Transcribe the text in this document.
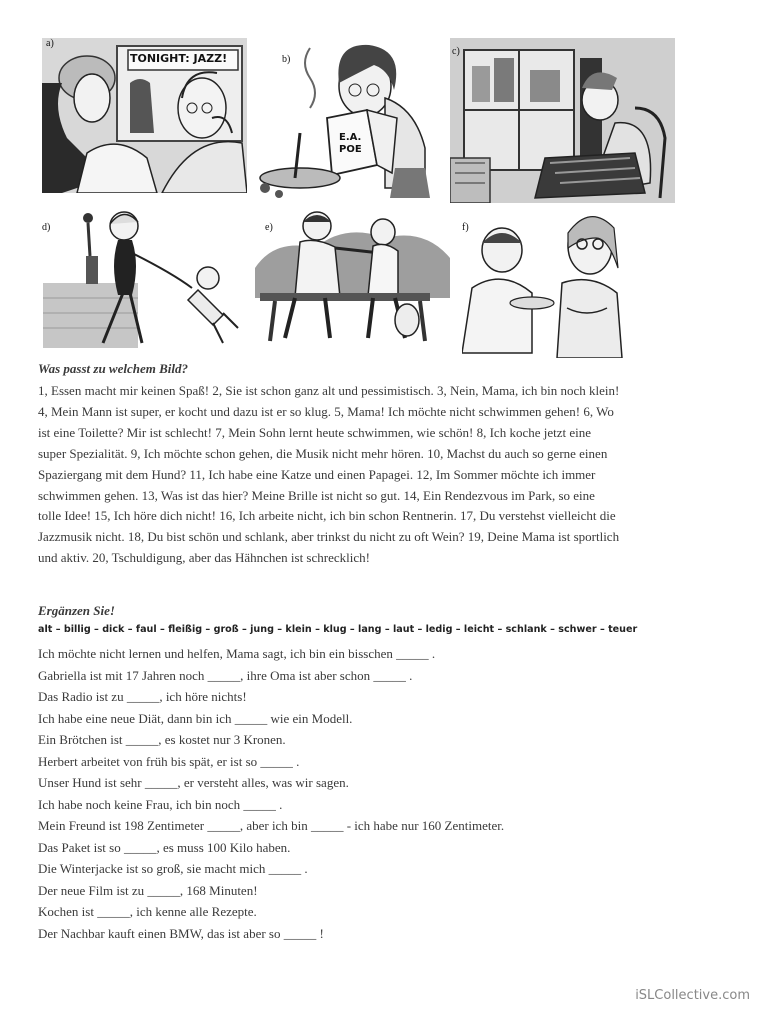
a)
TONIGHT: JAZZ!	b)
E.A. POE
c)
d)	e)	f)
Was passt zu welchem Bild?
1, Essen macht mir keinen Spaß! 2, Sie ist schon ganz alt und pessimistisch. 3, Nein, Mama, ich bin noch klein!
4, Mein Mann ist super, er kocht und dazu ist er so klug. 5, Mama! Ich möchte nicht schwimmen gehen! 6, Wo
ist eine Toilette? Mir ist schlecht! 7, Mein Sohn lernt heute schwimmen, wie schön! 8, Ich koche jetzt eine
super Spezialität. 9, Ich möchte schon gehen, die Musik nicht mehr hören. 10, Machst du auch so gerne einen
Spaziergang mit dem Hund? 11, Ich habe eine Katze und einen Papagei. 12, Im Sommer möchte ich immer
schwimmen gehen. 13, Was ist das hier? Meine Brille ist nicht so gut. 14, Ein Rendezvous im Park, so eine
tolle Idee! 15, Ich höre dich nicht! 16, Ich arbeite nicht, ich bin schon Rentnerin. 17, Du verstehst vielleicht die
Jazzmusik nicht. 18, Du bist schön und schlank, aber trinkst du nicht zu oft Wein? 19, Deine Mama ist sportlich
und aktiv. 20, Tschuldigung, aber das Hähnchen ist schrecklich!
Ergänzen Sie!
alt – billig – dick – faul – fleißig – groß – jung – klein – klug – lang – laut – ledig – leicht – schlank – schwer – teuer
Ich möchte nicht lernen und helfen, Mama sagt, ich bin ein bisschen _____ .
Gabriella ist mit 17 Jahren noch _____, ihre Oma ist aber schon _____ .
Das Radio ist zu _____, ich höre nichts!
Ich habe eine neue Diät, dann bin ich _____ wie ein Modell.
Ein Brötchen ist _____, es kostet nur 3 Kronen.
Herbert arbeitet von früh bis spät, er ist so _____ .
Unser Hund ist sehr _____, er versteht alles, was wir sagen.
Ich habe noch keine Frau, ich bin noch _____ .
Mein Freund ist 198 Zentimeter _____, aber ich bin _____ - ich habe nur 160 Zentimeter.
Das Paket ist so _____, es muss 100 Kilo haben.
Die Winterjacke ist so groß, sie macht mich _____ .
Der neue Film ist zu _____, 168 Minuten!
Kochen ist _____, ich kenne alle Rezepte.
Der Nachbar kauft einen BMW, das ist aber so _____ !
iSLCollective.com
